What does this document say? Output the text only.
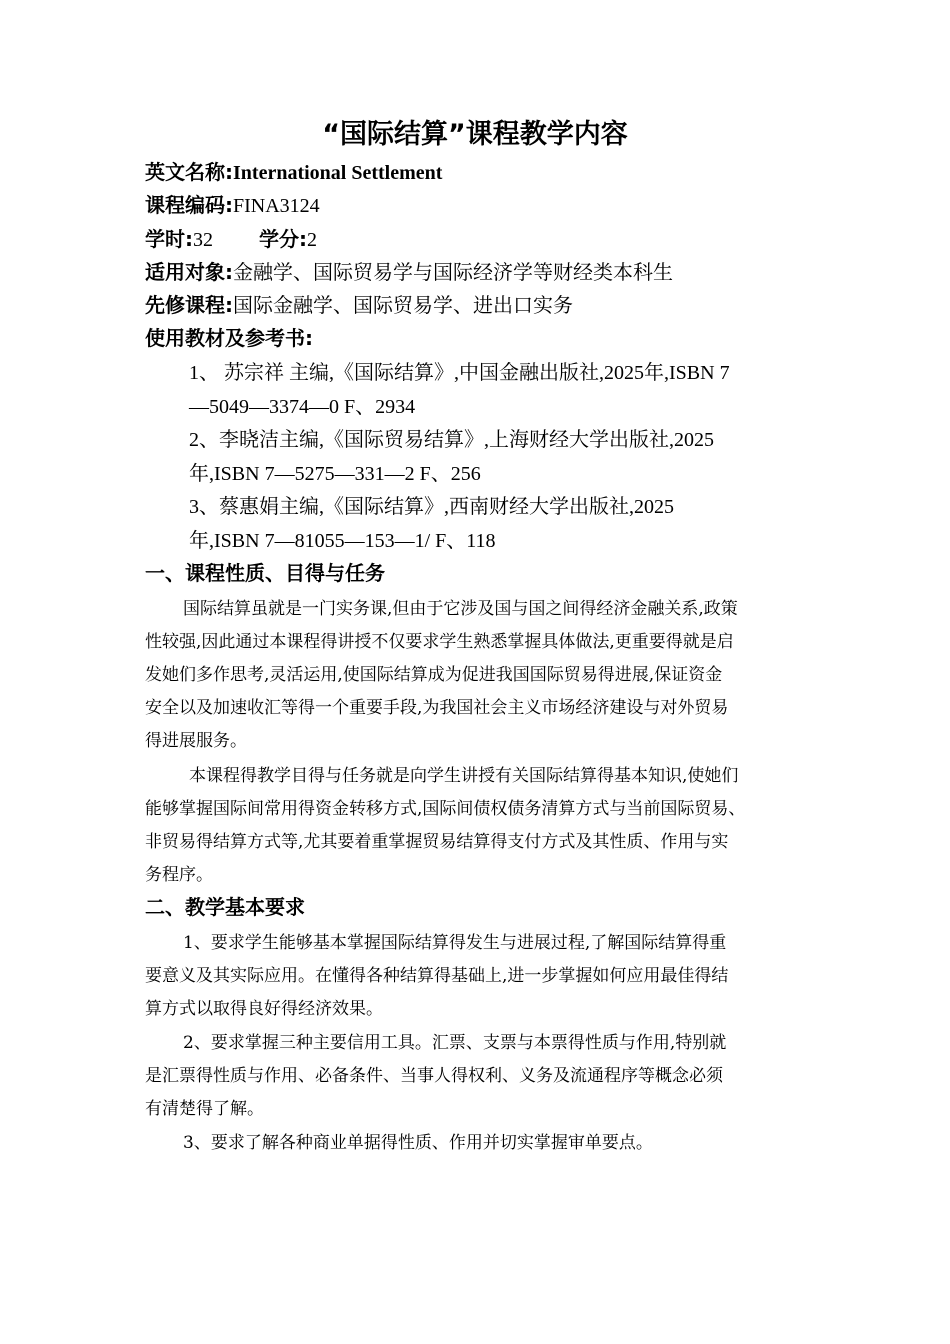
“国际结算”课程教学内容

英文名称:International Settlement

课程编码:FINA3124

学时:32 学分:2

适用对象:金融学、国际贸易学与国际经济学等财经类本科生

先修课程:国际金融学、国际贸易学、进出口实务

使用教材及参考书:

1、 苏宗祥 主编,《国际结算》,中国金融出版社,2025年,ISBN 7

—5049—3374—0 F、2934

2、李晓洁主编,《国际贸易结算》,上海财经大学出版社,2025

年,ISBN 7—5275—331—2 F、256

3、蔡惠娟主编,《国际结算》,西南财经大学出版社,2025

年,ISBN 7—81055—153—1/ F、118

一、课程性质、目得与任务

国际结算虽就是一门实务课,但由于它涉及国与国之间得经济金融关系,政策

性较强,因此通过本课程得讲授不仅要求学生熟悉掌握具体做法,更重要得就是启

发她们多作思考,灵活运用,使国际结算成为促进我国国际贸易得进展,保证资金

安全以及加速收汇等得一个重要手段,为我国社会主义市场经济建设与对外贸易

得进展服务。

本课程得教学目得与任务就是向学生讲授有关国际结算得基本知识,使她们

能够掌握国际间常用得资金转移方式,国际间债权债务清算方式与当前国际贸易、

非贸易得结算方式等,尤其要着重掌握贸易结算得支付方式及其性质、作用与实

务程序。

二、教学基本要求

1、要求学生能够基本掌握国际结算得发生与进展过程,了解国际结算得重

要意义及其实际应用。在懂得各种结算得基础上,进一步掌握如何应用最佳得结

算方式以取得良好得经济效果。

2、要求掌握三种主要信用工具。汇票、支票与本票得性质与作用,特别就

是汇票得性质与作用、必备条件、当事人得权利、义务及流通程序等概念必须

有清楚得了解。

3、要求了解各种商业单据得性质、作用并切实掌握审单要点。
